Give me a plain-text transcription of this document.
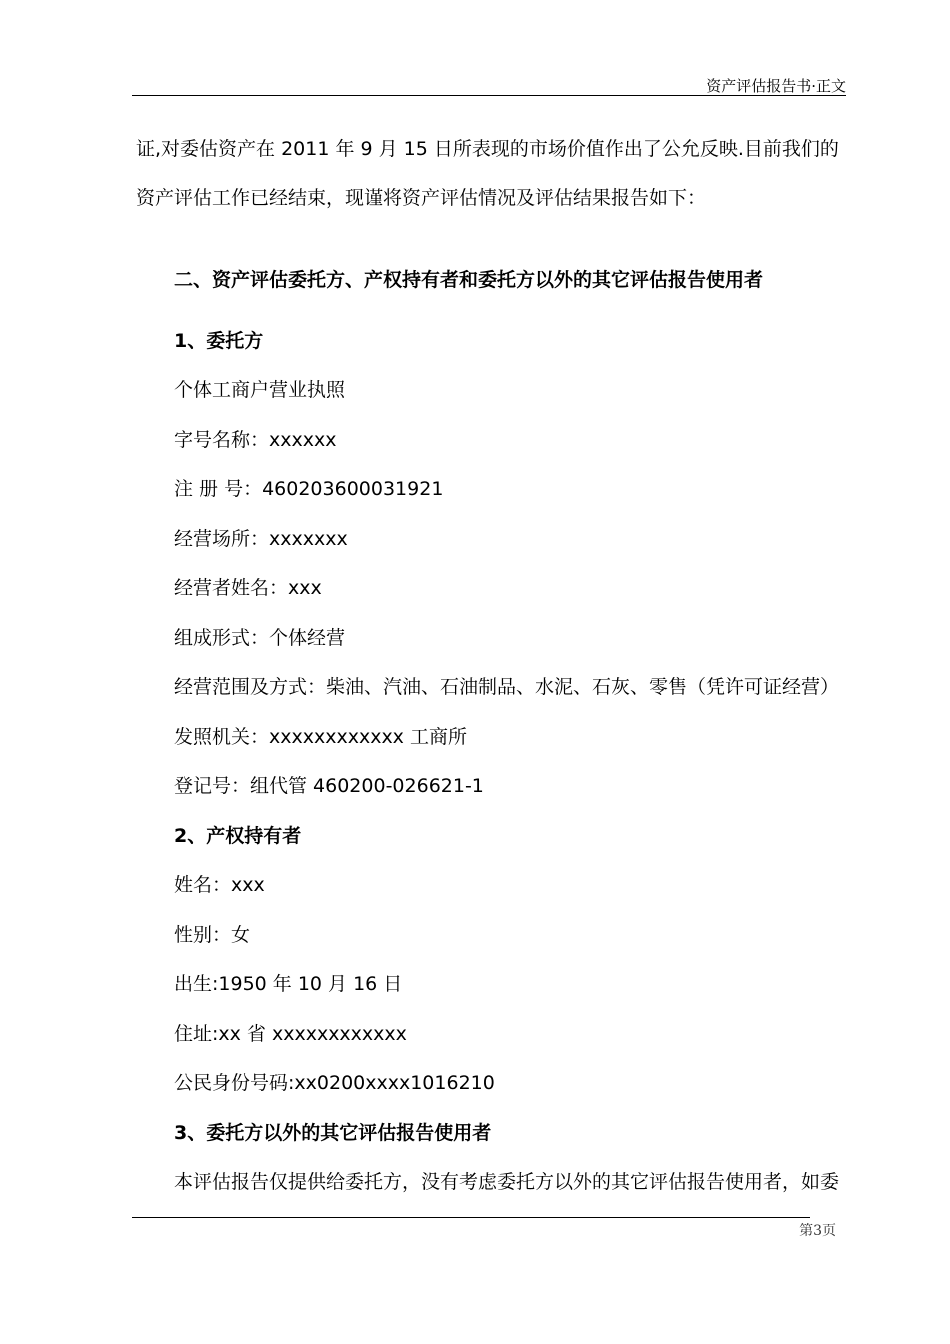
资产评估报告书·正文
证,对委估资产在 2011 年 9 月 15 日所表现的市场价值作出了公允反映.目前我们的
资产评估工作已经结束，现谨将资产评估情况及评估结果报告如下：
二、资产评估委托方、产权持有者和委托方以外的其它评估报告使用者
1、委托方
个体工商户营业执照
字号名称：xxxxxx
注 册 号：460203600031921
经营场所：xxxxxxx
经营者姓名：xxx
组成形式：个体经营
经营范围及方式：柴油、汽油、石油制品、水泥、石灰、零售（凭许可证经营）
发照机关：xxxxxxxxxxxx 工商所
登记号：组代管 460200-026621-1
2、产权持有者
姓名：xxx
性别：女
出生:1950 年 10 月 16 日
住址:xx 省 xxxxxxxxxxxx
公民身份号码:xx0200xxxx1016210
3、委托方以外的其它评估报告使用者
本评估报告仅提供给委托方，没有考虑委托方以外的其它评估报告使用者，如委
第3页
